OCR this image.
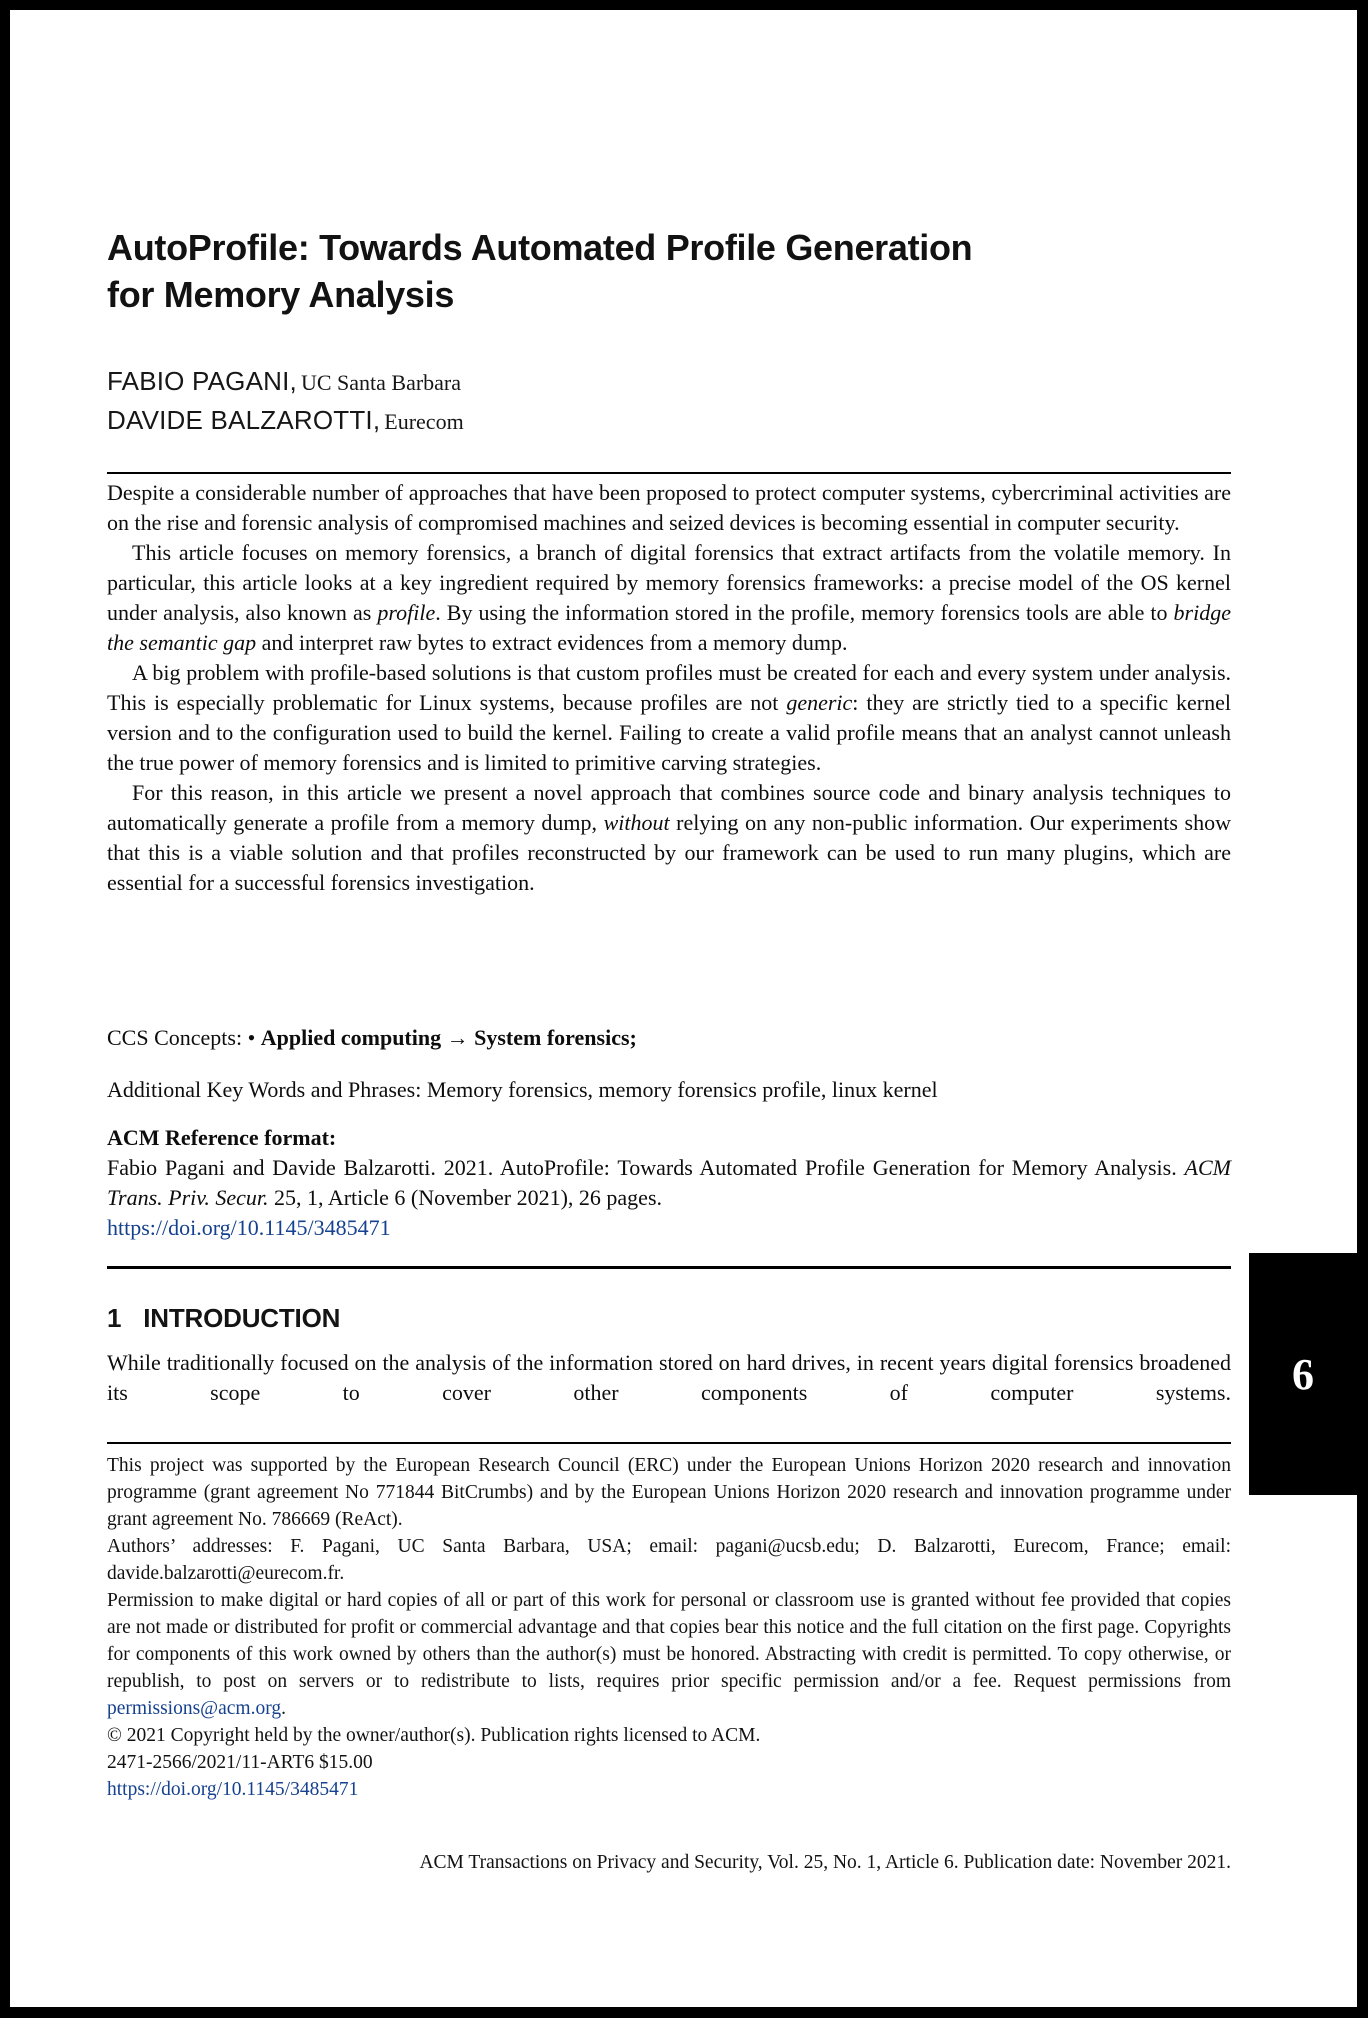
AutoProfile: Towards Automated Profile Generation
for Memory Analysis
FABIO PAGANI, UC Santa Barbara
DAVIDE BALZAROTTI, Eurecom

Despite a considerable number of approaches that have been proposed to protect computer systems, cybercriminal activities are on the rise and forensic analysis of compromised machines and seized devices is becoming essential in computer security.

This article focuses on memory forensics, a branch of digital forensics that extract artifacts from the volatile memory. In particular, this article looks at a key ingredient required by memory forensics frameworks: a precise model of the OS kernel under analysis, also known as profile. By using the information stored in the profile, memory forensics tools are able to bridge the semantic gap and interpret raw bytes to extract evidences from a memory dump.

A big problem with profile-based solutions is that custom profiles must be created for each and every system under analysis. This is especially problematic for Linux systems, because profiles are not generic: they are strictly tied to a specific kernel version and to the configuration used to build the kernel. Failing to create a valid profile means that an analyst cannot unleash the true power of memory forensics and is limited to primitive carving strategies.

For this reason, in this article we present a novel approach that combines source code and binary analysis techniques to automatically generate a profile from a memory dump, without relying on any non-public information. Our experiments show that this is a viable solution and that profiles reconstructed by our framework can be used to run many plugins, which are essential for a successful forensics investigation.

CCS Concepts: • Applied computing → System forensics;
Additional Key Words and Phrases: Memory forensics, memory forensics profile, linux kernel
ACM Reference format:

Fabio Pagani and Davide Balzarotti. 2021. AutoProfile: Towards Automated Profile Generation for Memory Analysis. ACM Trans. Priv. Secur. 25, 1, Article 6 (November 2021), 26 pages.

https://doi.org/10.1145/3485471
1 INTRODUCTION

While traditionally focused on the analysis of the information stored on hard drives, in recent years digital forensics broadened its scope to cover other components of computer systems.

This project was supported by the European Research Council (ERC) under the European Unions Horizon 2020 research and innovation programme (grant agreement No 771844 BitCrumbs) and by the European Unions Horizon 2020 research and innovation programme under grant agreement No. 786669 (ReAct).

Authors’ addresses: F. Pagani, UC Santa Barbara, USA; email: pagani@ucsb.edu; D. Balzarotti, Eurecom, France; email: davide.balzarotti@eurecom.fr.

Permission to make digital or hard copies of all or part of this work for personal or classroom use is granted without fee provided that copies are not made or distributed for profit or commercial advantage and that copies bear this notice and the full citation on the first page. Copyrights for components of this work owned by others than the author(s) must be honored. Abstracting with credit is permitted. To copy otherwise, or republish, to post on servers or to redistribute to lists, requires prior specific permission and/or a fee. Request permissions from permissions@acm.org.

© 2021 Copyright held by the owner/author(s). Publication rights licensed to ACM.

2471-2566/2021/11-ART6 $15.00

https://doi.org/10.1145/3485471
ACM Transactions on Privacy and Security, Vol. 25, No. 1, Article 6. Publication date: November 2021.
6
